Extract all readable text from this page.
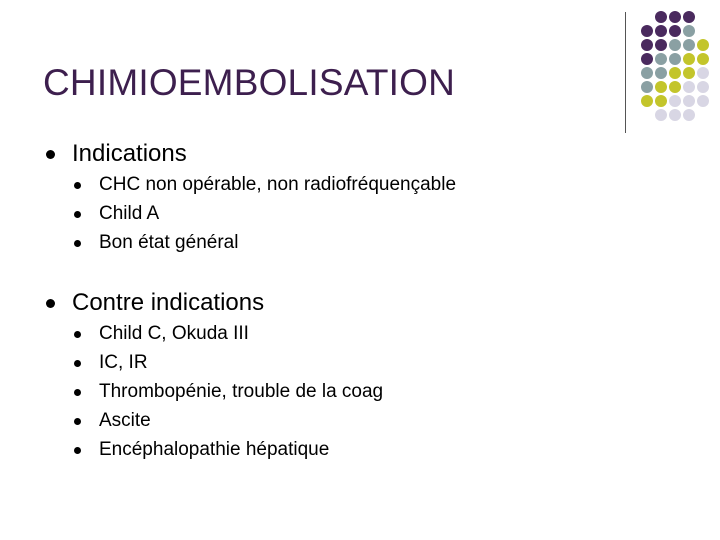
CHIMIOEMBOLISATION
Indications
CHC non opérable, non radiofréquençable
Child A
Bon état général
Contre indications
Child C, Okuda III
IC, IR
Thrombopénie, trouble de la coag
Ascite
Encéphalopathie hépatique
